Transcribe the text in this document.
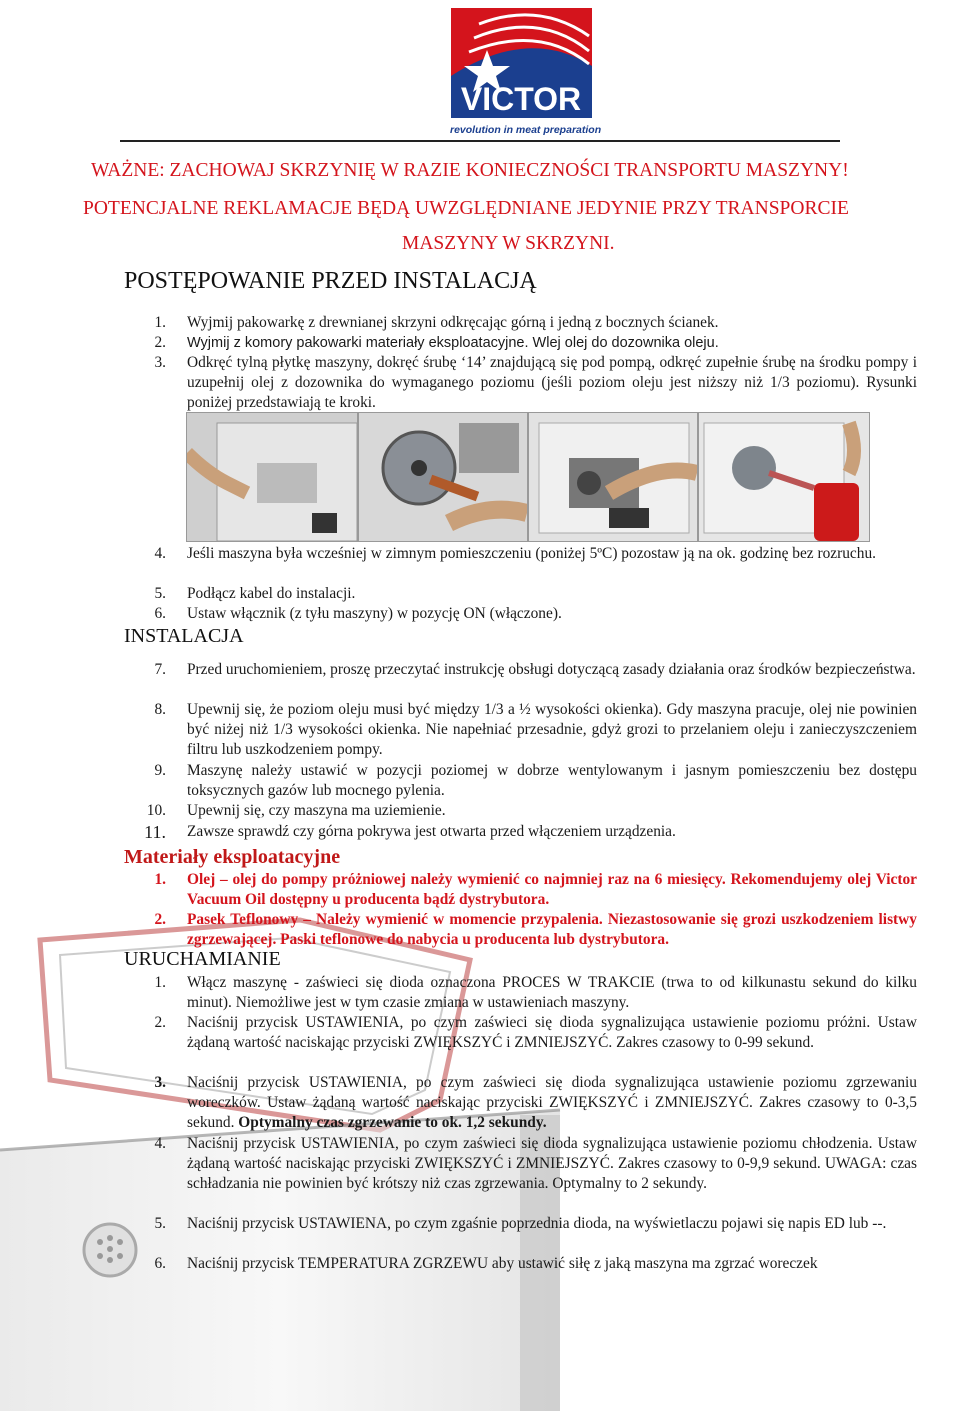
VICTOR
revolution in meat preparation
WAŻNE: ZACHOWAJ SKRZYNIĘ W RAZIE KONIECZNOŚCI TRANSPORTU MASZYNY!
POTENCJALNE REKLAMACJE BĘDĄ UWZGLĘDNIANE JEDYNIE PRZY TRANSPORCIE
MASZYNY W SKRZYNI.
POSTĘPOWANIE PRZED INSTALACJĄ
1. Wyjmij pakowarkę z drewnianej skrzyni odkręcając górną i jedną z bocznych ścianek.
2. Wyjmij z komory pakowarki materiały eksploatacyjne. Wlej olej do dozownika oleju.
3. Odkręć tylną płytkę maszyny, dokręć śrubę ‘14’ znajdującą się pod pompą, odkręć zupełnie śrubę na środku pompy i uzupełnij olej z dozownika do wymaganego poziomu (jeśli poziom oleju jest niższy niż 1/3 poziomu). Rysunki poniżej przedstawiają te kroki.
4. Jeśli maszyna była wcześniej w zimnym pomieszczeniu (poniżej 5ºC) pozostaw ją na ok. godzinę bez rozruchu.
5. Podłącz kabel do instalacji.
6. Ustaw włącznik (z tyłu maszyny) w pozycję ON (włączone).
INSTALACJA
7. Przed uruchomieniem, proszę przeczytać instrukcję obsługi dotyczącą zasady działania oraz środków bezpieczeństwa.
8. Upewnij się, że poziom oleju musi być między 1/3 a ½ wysokości okienka). Gdy maszyna pracuje, olej nie powinien być niżej niż 1/3 wysokości okienka. Nie napełniać przesadnie, gdyż grozi to przelaniem oleju i zanieczyszczeniem filtru lub uszkodzeniem pompy.
9. Maszynę należy ustawić w pozycji poziomej w dobrze wentylowanym i jasnym pomieszczeniu bez dostępu toksycznych gazów lub mocnego pylenia.
10. Upewnij się, czy maszyna ma uziemienie.
11. Zawsze sprawdź czy górna pokrywa jest otwarta przed włączeniem urządzenia.
Materiały eksploatacyjne
1. Olej – olej do pompy próżniowej należy wymienić co najmniej raz na 6 miesięcy. Rekomendujemy olej Victor Vacuum Oil dostępny u producenta bądź dystrybutora.
2. Pasek Teflonowy – Należy wymienić w momencie przypalenia. Niezastosowanie się grozi uszkodzeniem listwy zgrzewającej. Paski teflonowe do nabycia u producenta lub dystrybutora.
URUCHAMIANIE
1. Włącz maszynę - zaświeci się dioda oznaczona PROCES W TRAKCIE (trwa to od kilkunastu sekund do kilku minut). Niemożliwe jest w tym czasie zmiana w ustawieniach maszyny.
2. Naciśnij przycisk USTAWIENIA, po czym zaświeci się dioda sygnalizująca ustawienie poziomu próżni. Ustaw żądaną wartość naciskając przyciski ZWIĘKSZYĆ i ZMNIEJSZYĆ. Zakres czasowy to 0-99 sekund.
3. Naciśnij przycisk USTAWIENIA, po czym zaświeci się dioda sygnalizująca ustawienie poziomu zgrzewaniu woreczków. Ustaw żądaną wartość naciskając przyciski ZWIĘKSZYĆ i ZMNIEJSZYĆ. Zakres czasowy to 0-3,5 sekund. Optymalny czas zgrzewanie to ok. 1,2 sekundy.
4. Naciśnij przycisk USTAWIENIA, po czym zaświeci się dioda sygnalizująca ustawienie poziomu chłodzenia. Ustaw żądaną wartość naciskając przyciski ZWIĘKSZYĆ i ZMNIEJSZYĆ. Zakres czasowy to 0-9,9 sekund. UWAGA: czas schładzania nie powinien być krótszy niż czas zgrzewania. Optymalny to 2 sekundy.
5. Naciśnij przycisk USTAWIENA, po czym zgaśnie poprzednia dioda, na wyświetlaczu pojawi się napis ED lub --.
6. Naciśnij przycisk TEMPERATURA ZGRZEWU aby ustawić siłę z jaką maszyna ma zgrzać woreczek
